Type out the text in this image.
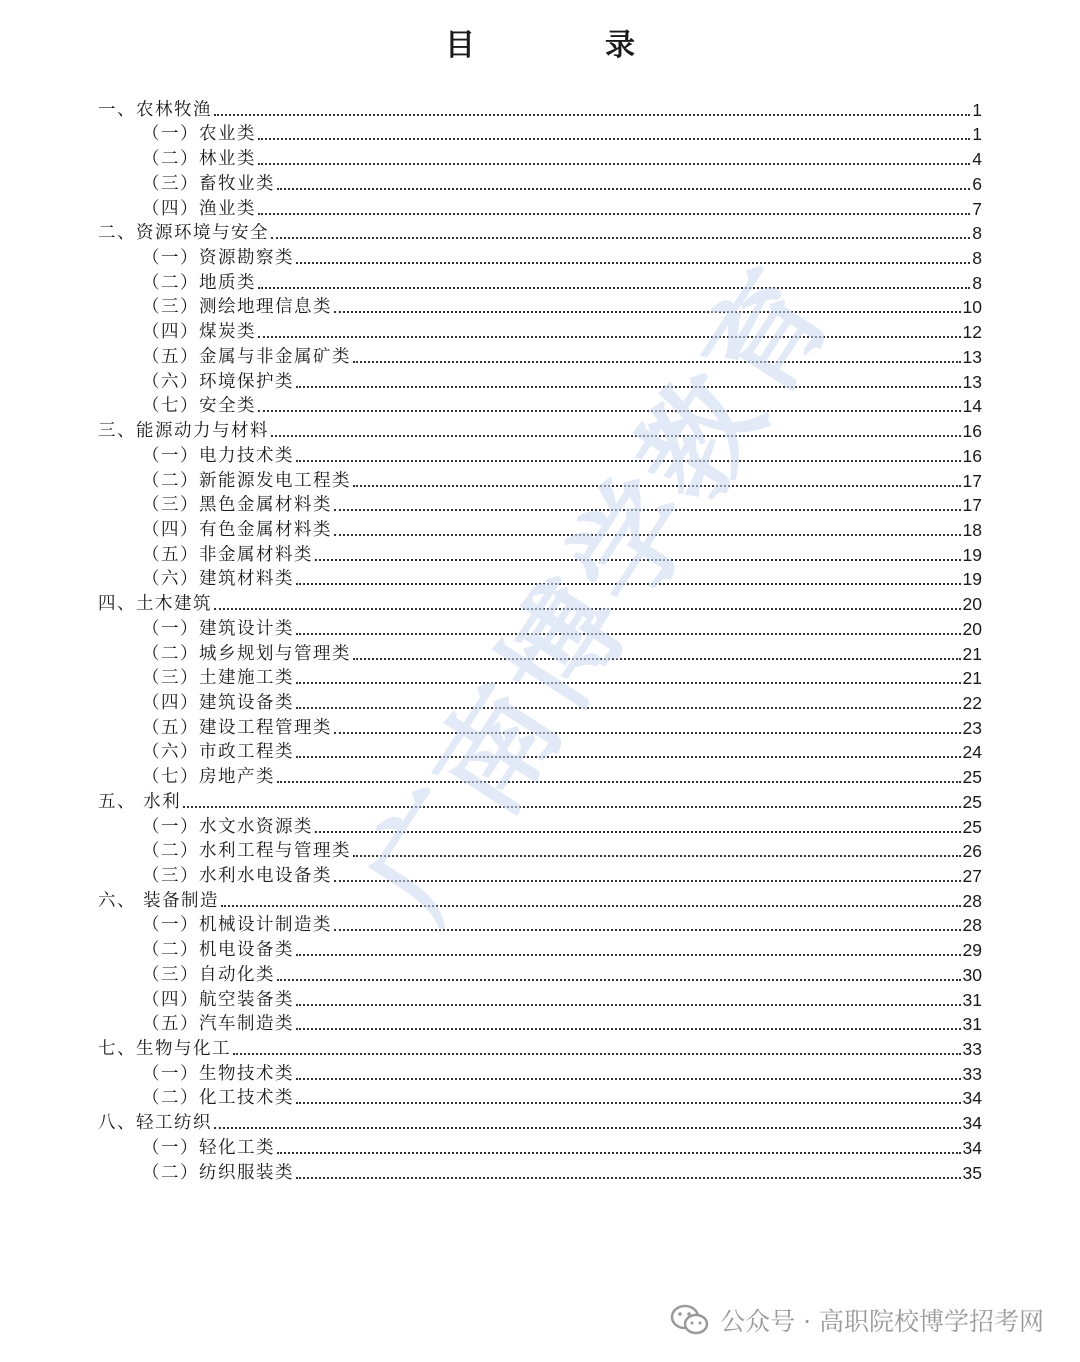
目　录
一、农林牧渔	1
（一）农业类	1
（二）林业类	4
（三）畜牧业类	6
（四）渔业类	7
二、资源环境与安全	8
（一）资源勘察类	8
（二）地质类	8
（三）测绘地理信息类	10
（四）煤炭类	12
（五）金属与非金属矿类	13
（六）环境保护类	13
（七）安全类	14
三、能源动力与材料	16
（一）电力技术类	16
（二）新能源发电工程类	17
（三）黑色金属材料类	17
（四）有色金属材料类	18
（五）非金属材料类	19
（六）建筑材料类	19
四、土木建筑	20
（一）建筑设计类	20
（二）城乡规划与管理类	21
（三）土建施工类	21
（四）建筑设备类	22
（五）建设工程管理类	23
（六）市政工程类	24
（七）房地产类	25
五、 水利	25
（一）水文水资源类	25
（二）水利工程与管理类	26
（三）水利水电设备类	27
六、 装备制造	28
（一）机械设计制造类	28
（二）机电设备类	29
（三）自动化类	30
（四）航空装备类	31
（五）汽车制造类	31
七、生物与化工	33
（一）生物技术类	33
（二）化工技术类	34
八、轻工纺织	34
（一）轻化工类	34
（二）纺织服装类	35
广南博学教育
公众号 · 高职院校博学招考网
